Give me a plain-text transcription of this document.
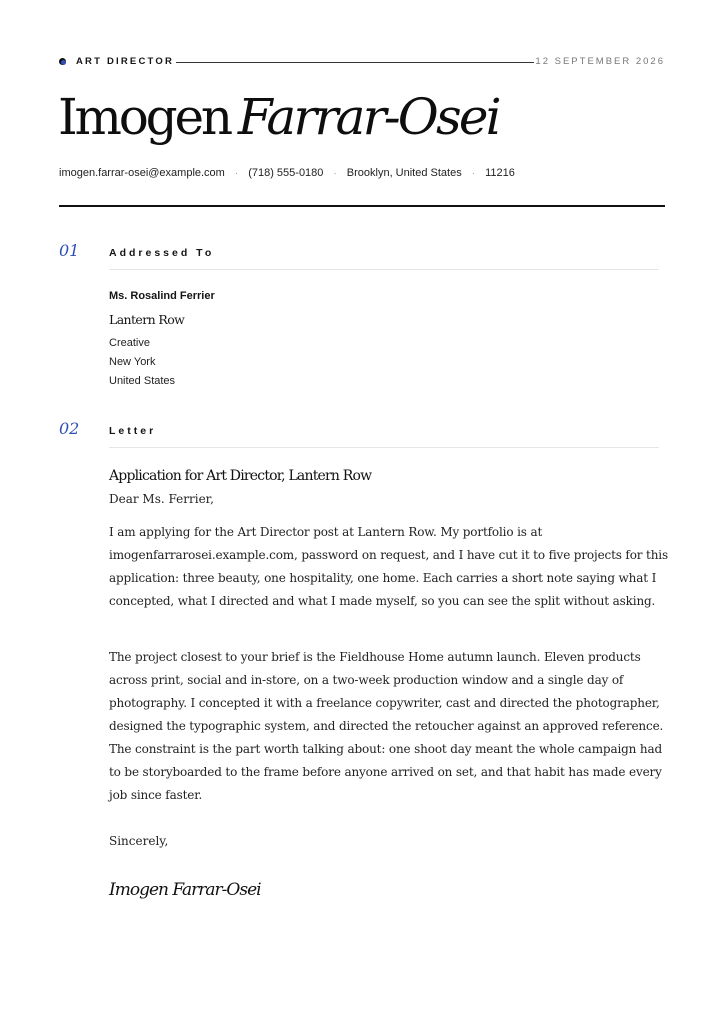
ART DIRECTOR	12 SEPTEMBER 2026
Imogen Farrar-Osei
imogen.farrar-osei@example.com · (718) 555-0180 · Brooklyn, United States · 11216
01	Addressed To
Ms. Rosalind Ferrier
Lantern Row
Creative
New York
United States
02	Letter
Application for Art Director, Lantern Row
Dear Ms. Ferrier,

I am applying for the Art Director post at Lantern Row. My portfolio is at imogenfarrarosei.example.com, password on request, and I have cut it to five projects for this application: three beauty, one hospitality, one home. Each carries a short note saying what I concepted, what I directed and what I made myself, so you can see the split without asking.

The project closest to your brief is the Fieldhouse Home autumn launch. Eleven products across print, social and in-store, on a two-week production window and a single day of photography. I concepted it with a freelance copywriter, cast and directed the photographer, designed the typographic system, and directed the retoucher against an approved reference. The constraint is the part worth talking about: one shoot day meant the whole campaign had to be storyboarded to the frame before anyone arrived on set, and that habit has made every job since faster.

Sincerely,
Imogen Farrar-Osei
